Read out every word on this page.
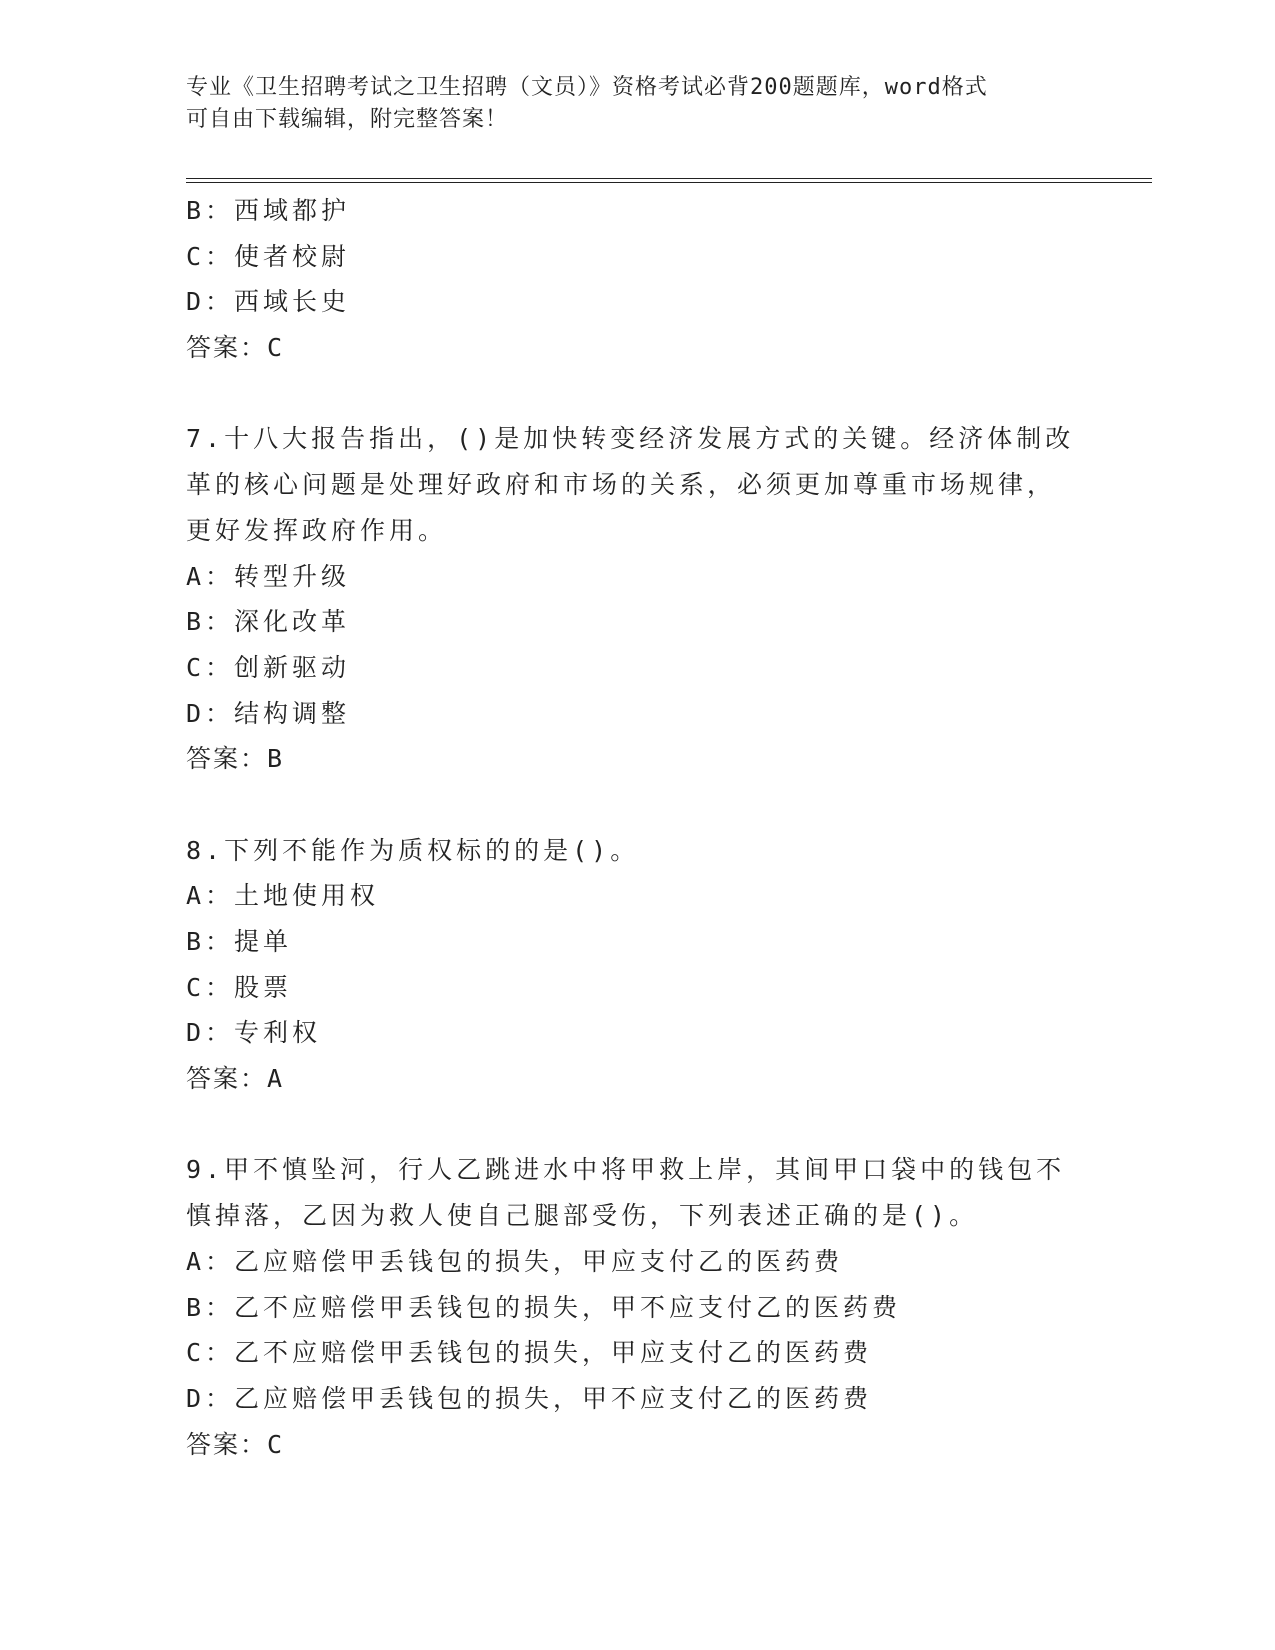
专业《卫生招聘考试之卫生招聘（文员）》资格考试必背200题题库，word格式
可自由下载编辑，附完整答案！
B：西域都护
C：使者校尉
D：西域长史
答案：C
7.十八大报告指出，()是加快转变经济发展方式的关键。经济体制改
革的核心问题是处理好政府和市场的关系，必须更加尊重市场规律，
更好发挥政府作用。
A：转型升级
B：深化改革
C：创新驱动
D：结构调整
答案：B
8.下列不能作为质权标的的是()。
A：土地使用权
B：提单
C：股票
D：专利权
答案：A
9.甲不慎坠河，行人乙跳进水中将甲救上岸，其间甲口袋中的钱包不
慎掉落，乙因为救人使自己腿部受伤，下列表述正确的是()。
A：乙应赔偿甲丢钱包的损失，甲应支付乙的医药费
B：乙不应赔偿甲丢钱包的损失，甲不应支付乙的医药费
C：乙不应赔偿甲丢钱包的损失，甲应支付乙的医药费
D：乙应赔偿甲丢钱包的损失，甲不应支付乙的医药费
答案：C
